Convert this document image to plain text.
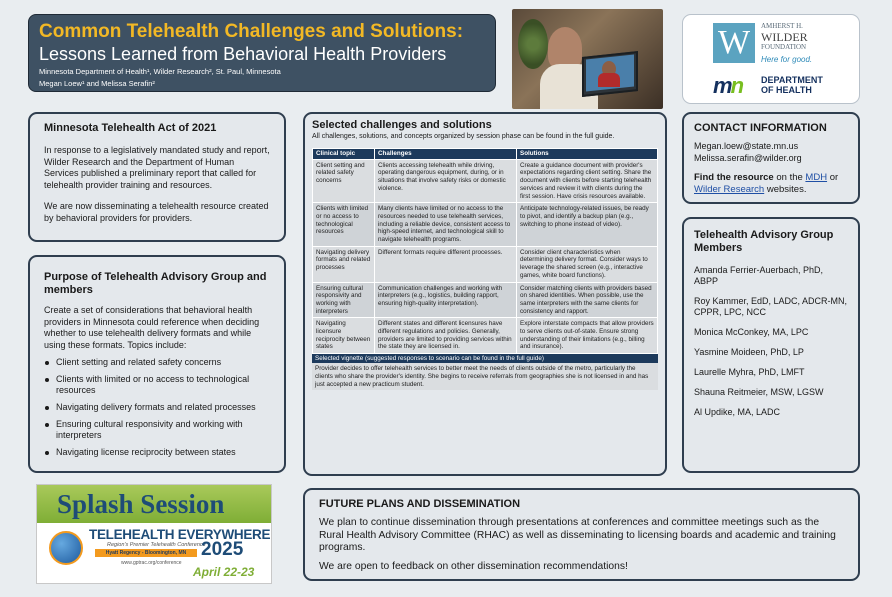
Common Telehealth Challenges and Solutions:
Lessons Learned from Behavioral Health Providers
Minnesota Department of Health¹, Wilder Research², St. Paul, Minnesota
Megan Loew¹ and Melissa Serafin²
W	AMHERST H.
WILDER
FOUNDATION
Here for good.
mn DEPARTMENT
OF HEALTH
Minnesota Telehealth Act of 2021
In response to a legislatively mandated study and report, Wilder Research and the Department of Human Services published a preliminary report that called for telehealth provider training and resources.
We are now disseminating a telehealth resource created by behavioral providers for providers.
Purpose of Telehealth Advisory Group and members
Create a set of considerations that behavioral health providers in Minnesota could reference when deciding whether to use telehealth delivery formats and while using these formats. Topics include:
Client setting and related safety concerns
Clients with limited or no access to technological resources
Navigating delivery formats and related processes
Ensuring cultural responsivity and working with interpreters
Navigating license reciprocity between states
Selected challenges and solutions
All challenges, solutions, and concepts organized by session phase can be found in the full guide.
Clinical topic	Challenges	Solutions
Client setting and related safety concerns	Clients accessing telehealth while driving, operating dangerous equipment, during, or in situations that involve safety risks or domestic violence.	Create a guidance document with provider's expectations regarding client setting. Share the document with clients before starting telehealth services and review it with clients during the first session. Have crisis resources available.
Clients with limited or no access to technological resources	Many clients have limited or no access to the resources needed to use telehealth services, including a reliable device, consistent access to high-speed internet, and technological skill to navigate telehealth programs.	Anticipate technology-related issues, be ready to pivot, and identify a backup plan (e.g., switching to phone instead of video).
Navigating delivery formats and related processes	Different formats require different processes.	Consider client characteristics when determining delivery format. Consider ways to leverage the shared screen (e.g., interactive games, white board functions).
Ensuring cultural responsivity and working with interpreters	Communication challenges and working with interpreters (e.g., logistics, building rapport, ensuring high-quality interpretation).	Consider matching clients with providers based on shared identities. When possible, use the same interpreters with the same clients for consistency and rapport.
Navigating licensure reciprocity between states	Different states and different licensures have different regulations and policies. Generally, providers are limited to providing services within the state they are licensed in.	Explore interstate compacts that allow providers to serve clients out-of-state. Ensure strong understanding of their limitations (e.g., billing and insurance).
Selected vignette (suggested responses to scenario can be found in the full guide)
Provider decides to offer telehealth services to better meet the needs of clients outside of the metro, particularly the clients who share the provider's identity. She begins to receive referrals from geographies she is not licensed in and has just accepted a new practicum student.
CONTACT INFORMATION
Megan.loew@state.mn.us
Melissa.serafin@wilder.org
Find the resource on the MDH or Wilder Research websites.
Telehealth Advisory Group Members
Amanda Ferrier-Auerbach, PhD, ABPP
Roy Kammer, EdD, LADC, ADCR-MN, CPPR, LPC, NCC
Monica McConkey, MA, LPC
Yasmine Moideen, PhD, LP
Laurelle Myhra, PhD, LMFT
Shauna Reitmeier, MSW, LGSW
Al Updike, MA, LADC
Splash Session
TELEHEALTH EVERYWHERE
Region's Premier Telehealth Conference
Hyatt Regency - Bloomington, MN 2025
www.gptrac.org/conference
April 22-23
FUTURE PLANS AND DISSEMINATION
We plan to continue dissemination through presentations at conferences and committee meetings such as the Rural Health Advisory Committee (RHAC) as well as disseminating to licensing boards and academic and training programs.
We are open to feedback on other dissemination recommendations!
